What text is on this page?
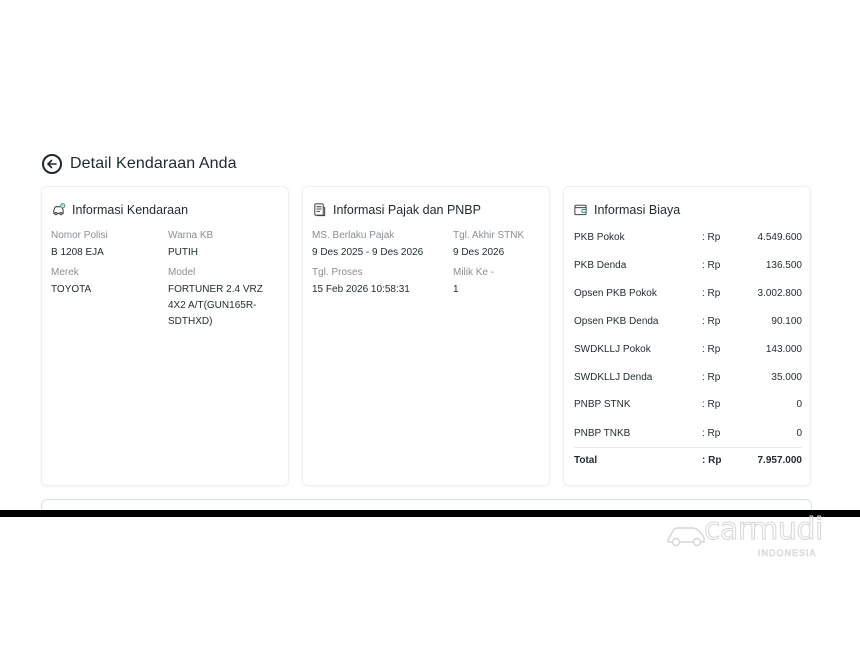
Detail Kendaraan Anda
Informasi Kendaraan
Nomor Polisi
B 1208 EJA
Warna KB
PUTIH
Merek
TOYOTA
Model
FORTUNER 2.4 VRZ 4X2 A/T(GUN165R-SDTHXD)
Informasi Pajak dan PNBP
MS. Berlaku Pajak
9 Des 2025 - 9 Des 2026
Tgl. Akhir STNK
9 Des 2026
Tgl. Proses
15 Feb 2026 10:58:31
Milik Ke -
1
Informasi Biaya
PKB Pokok	: Rp	4.549.600
PKB Denda	: Rp	136.500
Opsen PKB Pokok	: Rp	3.002.800
Opsen PKB Denda	: Rp	90.100
SWDKLLJ Pokok	: Rp	143.000
SWDKLLJ Denda	: Rp	35.000
PNBP STNK	: Rp	0
PNBP TNKB	: Rp	0
Total	: Rp	7.957.000
carmudi
INDONESIA
